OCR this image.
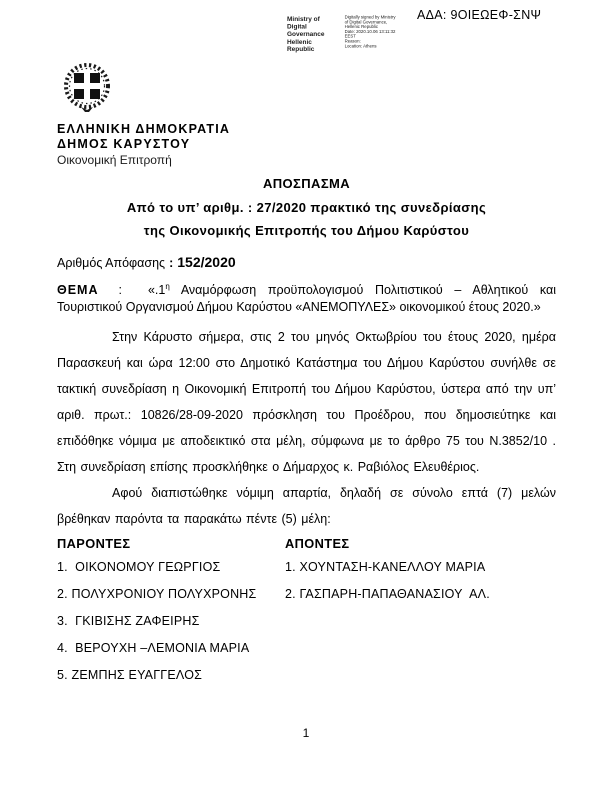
ΑΔΑ: 9ΟΙΕΩΕΦ-ΣΝΨ
Ministry of Digital
Governance
Hellenic Republic
Digitally signed by Ministry
of Digital Governance,
Hellenic Republic
Date: 2020.10.06 13:11:32
EEST
Reason:
Location: Athens
ΕΛΛΗΝΙΚΗ ΔΗΜΟΚΡΑΤΙΑ
ΔΗΜΟΣ ΚΑΡΥΣΤΟΥ
Οικονομική Επιτροπή
ΑΠΟΣΠΑΣΜΑ
Από το υπ’ αριθμ. : 27/2020 πρακτικό της συνεδρίασης
της Οικονομικής Επιτροπής του Δήμου Καρύστου
Αριθμός Απόφασης : 152/2020

ΘΕΜΑ : «$.1^\eta$ Αναμόρφωση προϋπολογισμού Πολιτιστικού – Αθλητικού και Τουριστικού Οργανισμού Δήμου Καρύστου «ΑΝΕΜΟΠΥΛΕΣ» οικονομικού έτους 2020.»

Στην Κάρυστο σήμερα, στις 2 του μηνός Οκτωβρίου του έτους 2020, ημέρα Παρασκευή και ώρα 12:00 στο Δημοτικό Κατάστημα του Δήμου Καρύστου συνήλθε σε τακτική συνεδρίαση η Οικονομική Επιτροπή του Δήμου Καρύστου, ύστερα από την υπ’ αριθ. πρωτ.: 10826/28-09-2020 πρόσκληση του Προέδρου, που δημοσιεύτηκε και επιδόθηκε νόμιμα με αποδεικτικό στα μέλη, σύμφωνα με το άρθρο 75 του Ν.3852/10 . Στη συνεδρίαση επίσης προσκλήθηκε ο Δήμαρχος κ. Ραβιόλος Ελευθέριος.

Αφού διαπιστώθηκε νόμιμη απαρτία, δηλαδή σε σύνολο επτά (7) μελών βρέθηκαν παρόντα τα παρακάτω πέντε (5) μέλη:

ΠΑΡΟΝΤΕΣ
1.  ΟΙΚΟΝΟΜΟΥ ΓΕΩΡΓΙΟΣ
2. ΠΟΛΥΧΡΟΝΙΟΥ ΠΟΛΥΧΡΟΝΗΣ
3.  ΓΚΙΒΙΣΗΣ ΖΑΦΕΙΡΗΣ
4.  ΒΕΡΟΥΧΗ –ΛΕΜΟΝΙΑ ΜΑΡΙΑ
5. ΖΕΜΠΗΣ ΕΥΑΓΓΕΛΟΣ
ΑΠΟΝΤΕΣ
1. ΧΟΥΝΤΑΣΗ-ΚΑΝΕΛΛΟΥ ΜΑΡΙΑ
2. ΓΑΣΠΑΡΗ-ΠΑΠΑΘΑΝΑΣΙΟΥ  ΑΛ.
1
